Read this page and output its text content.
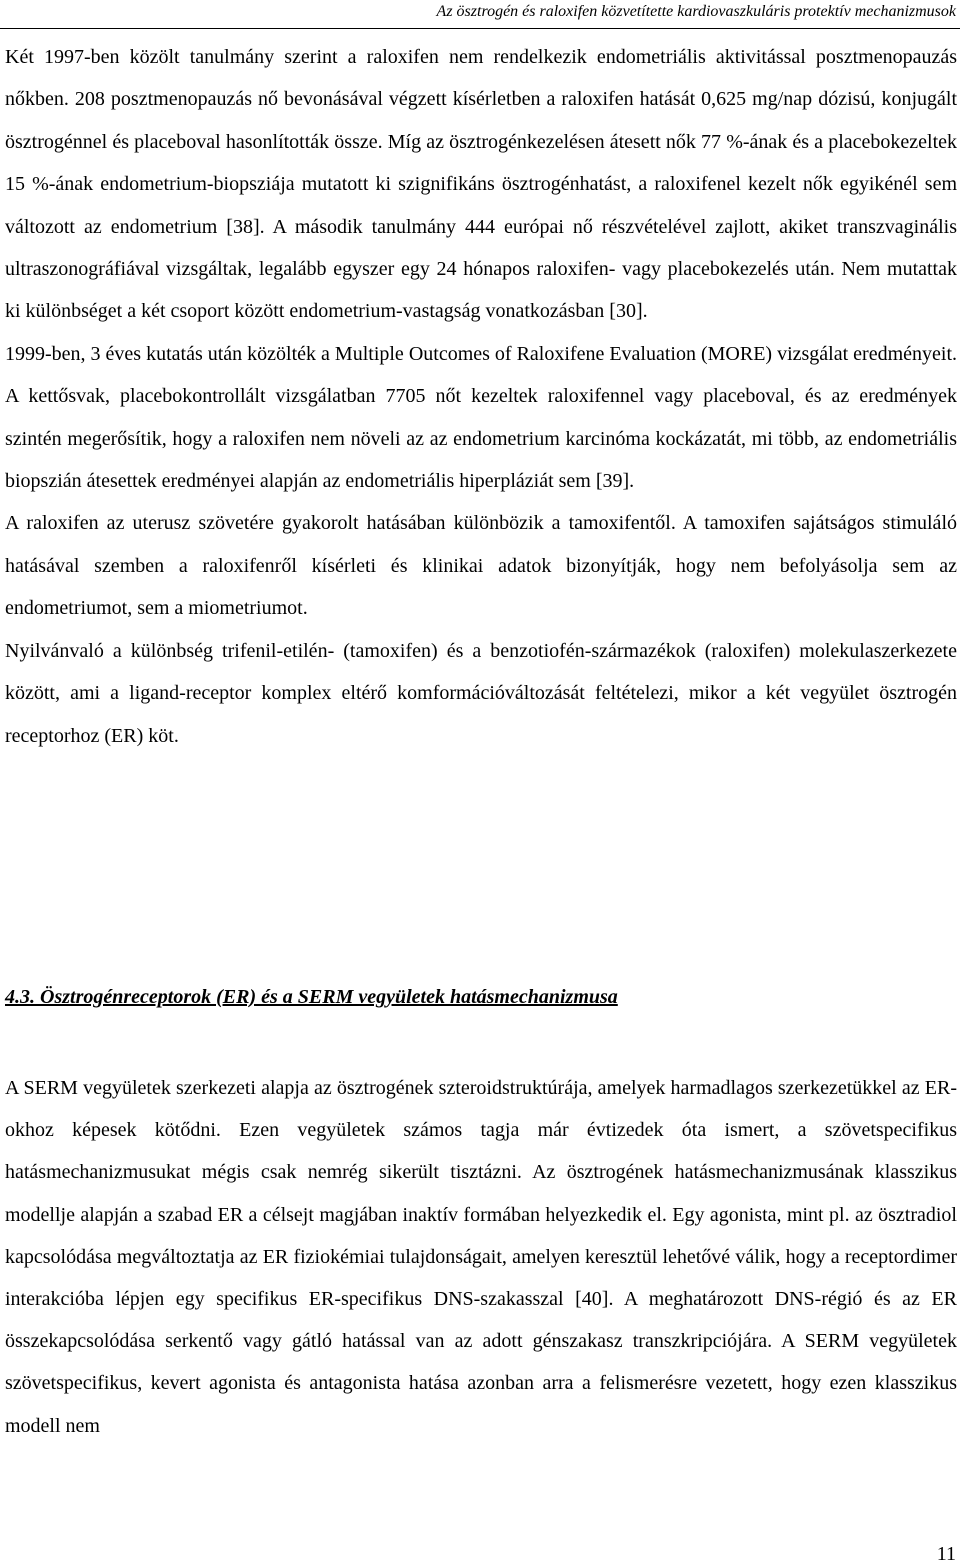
Az ösztrogén és raloxifen közvetítette kardiovaszkuláris protektív mechanizmusok

Két 1997-ben közölt tanulmány szerint a raloxifen nem rendelkezik endometriális aktivitással posztmenopauzás nőkben. 208 posztmenopauzás nő bevonásával végzett kísérletben a raloxifen hatását 0,625 mg/nap dózisú, konjugált ösztrogénnel és placeboval hasonlították össze. Míg az ösztrogénkezelésen átesett nők 77 %-ának és a placebokezeltek 15 %-ának endometrium-biopsziája mutatott ki szignifikáns ösztrogénhatást, a raloxifenel kezelt nők egyikénél sem változott az endometrium [38]. A második tanulmány 444 európai nő részvételével zajlott, akiket transzvaginális ultraszonográfiával vizsgáltak, legalább egyszer egy 24 hónapos raloxifen- vagy placebokezelés után. Nem mutattak ki különbséget a két csoport között endometrium-vastagság vonatkozásban [30].

1999-ben, 3 éves kutatás után közölték a Multiple Outcomes of Raloxifene Evaluation (MORE) vizsgálat eredményeit. A kettősvak, placebokontrollált vizsgálatban 7705 nőt kezeltek raloxifennel vagy placeboval, és az eredmények szintén megerősítik, hogy a raloxifen nem növeli az az endometrium karcinóma kockázatát, mi több, az endometriális biopszián átesettek eredményei alapján az endometriális hiperpláziát sem [39].

A raloxifen az uterusz szövetére gyakorolt hatásában különbözik a tamoxifentől. A tamoxifen sajátságos stimuláló hatásával szemben a raloxifenről kísérleti és klinikai adatok bizonyítják, hogy nem befolyásolja sem az endometriumot, sem a miometriumot.

Nyilvánvaló a különbség trifenil-etilén- (tamoxifen) és a benzotiofén-származékok (raloxifen) molekulaszerkezete között, ami a ligand-receptor komplex eltérő komformációváltozását feltételezi, mikor a két vegyület ösztrogén receptorhoz (ER) köt.

4.3. Ösztrogénreceptorok (ER) és a SERM vegyületek hatásmechanizmusa

A SERM vegyületek szerkezeti alapja az ösztrogének szteroidstruktúrája, amelyek harmadlagos szerkezetükkel az ER-okhoz képesek kötődni. Ezen vegyületek számos tagja már évtizedek óta ismert, a szövetspecifikus hatásmechanizmusukat mégis csak nemrég sikerült tisztázni. Az ösztrogének hatásmechanizmusának klasszikus modellje alapján a szabad ER a célsejt magjában inaktív formában helyezkedik el. Egy agonista, mint pl. az ösztradiol kapcsolódása megváltoztatja az ER fiziokémiai tulajdonságait, amelyen keresztül lehetővé válik, hogy a receptordimer interakcióba lépjen egy specifikus ER-specifikus DNS-szakasszal [40]. A meghatározott DNS-régió és az ER összekapcsolódása serkentő vagy gátló hatással van az adott génszakasz transzkripciójára. A SERM vegyületek szövetspecifikus, kevert agonista és antagonista hatása azonban arra a felismerésre vezetett, hogy ezen klasszikus modell nem

11
